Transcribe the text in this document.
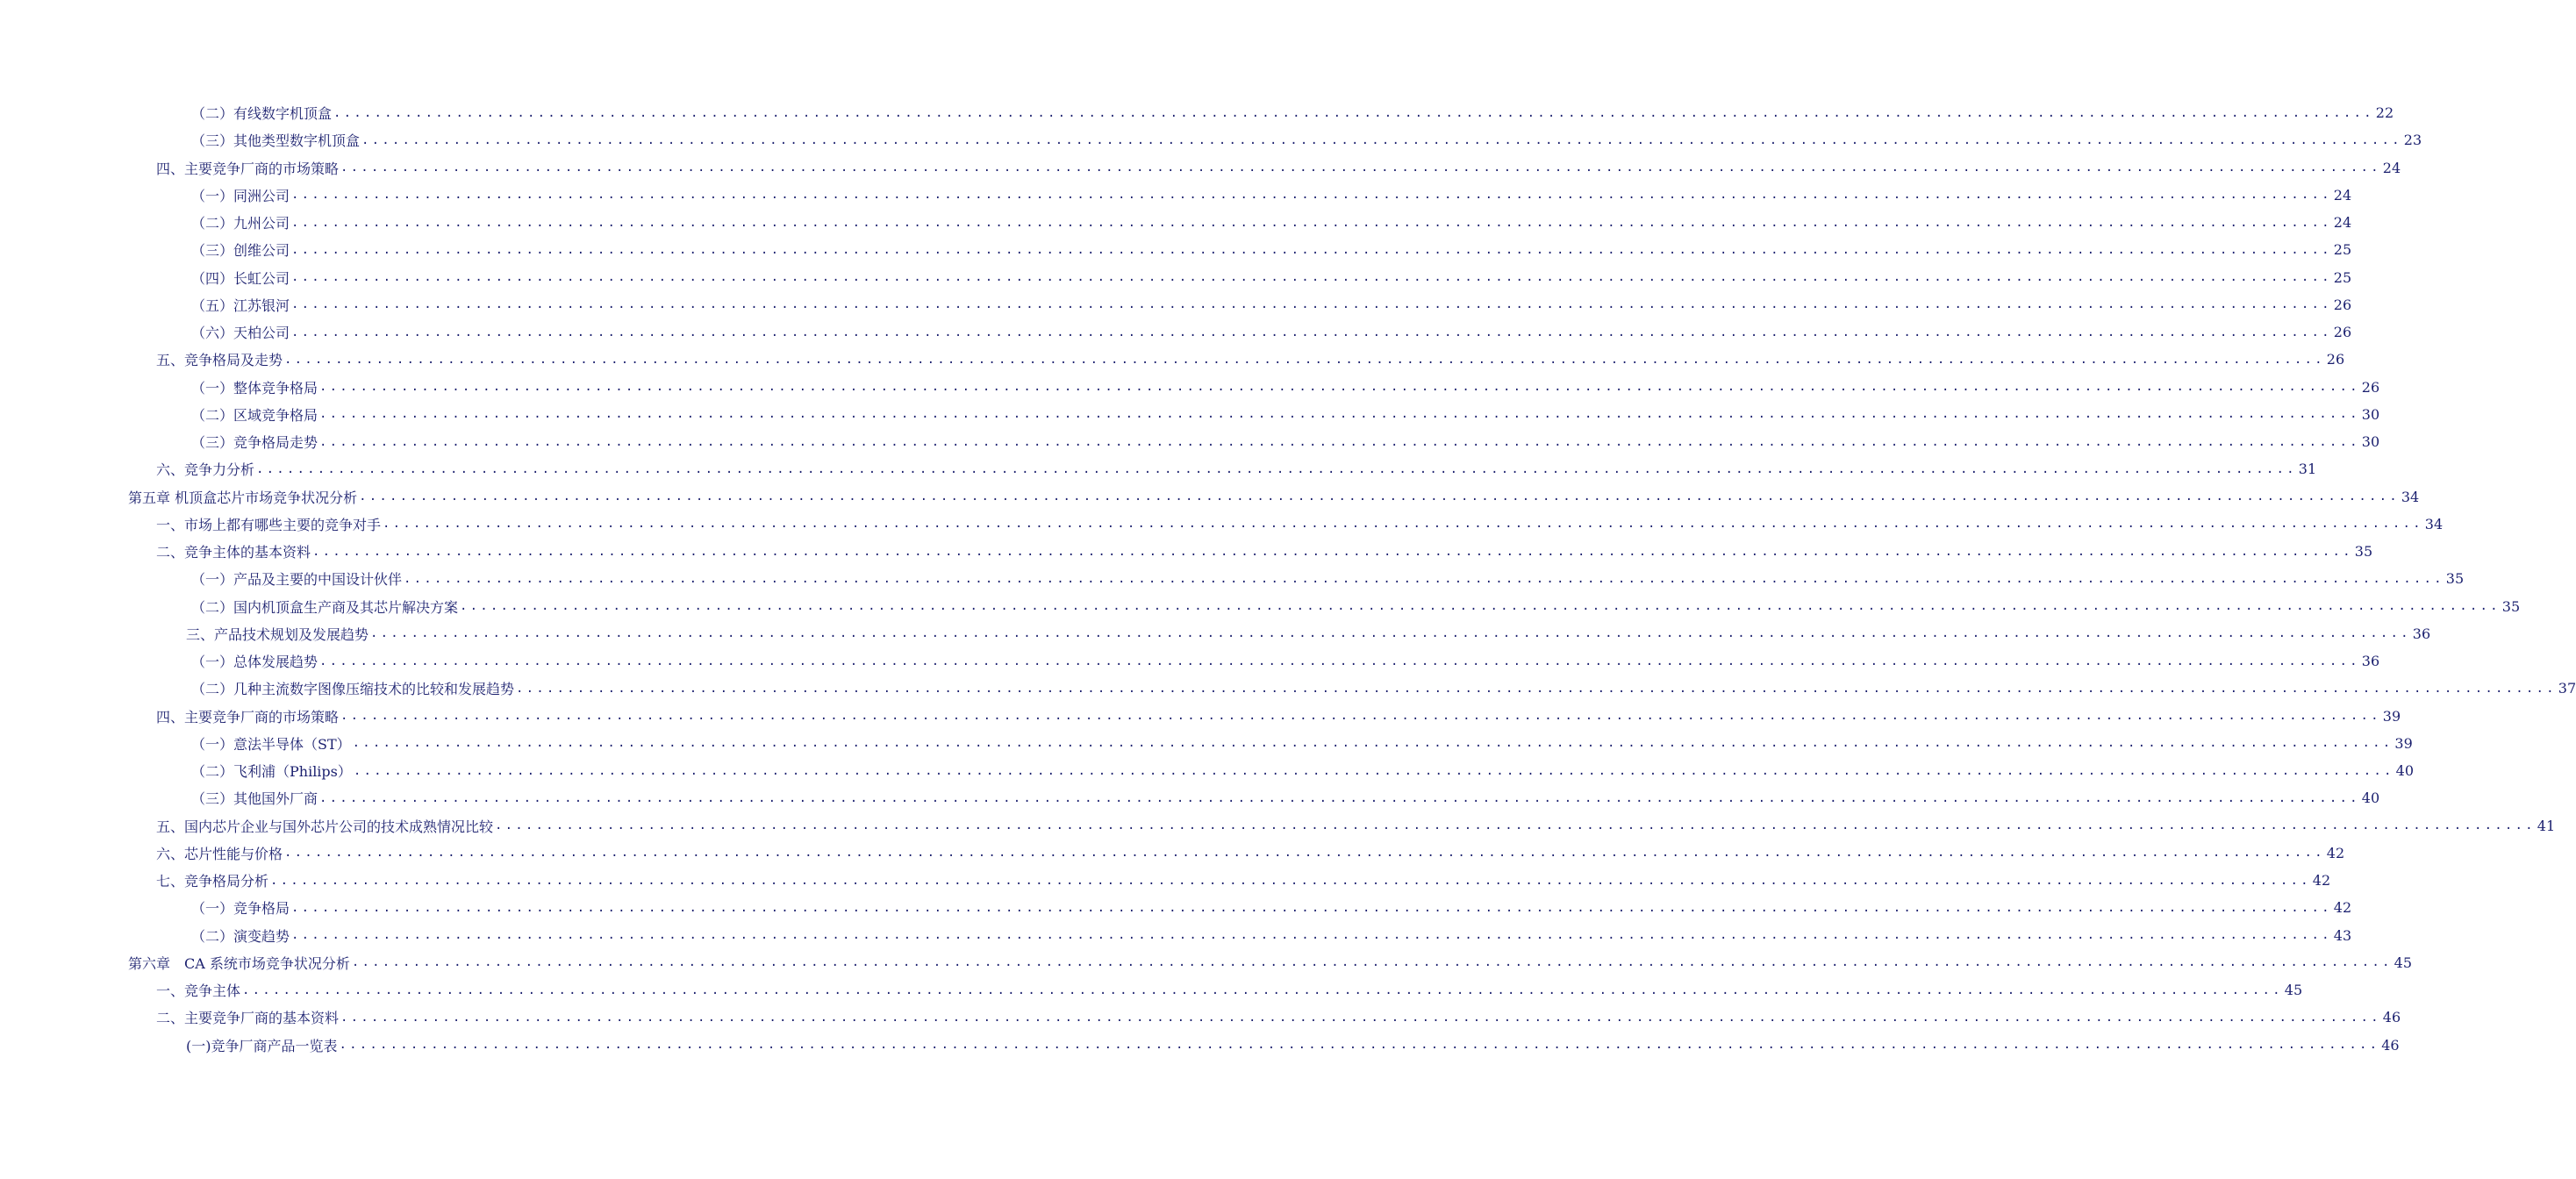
（二）有线数字机顶盒 ........................................................................................................................................................................................................ 22
（三）其他类型数字机顶盒 ........................................................................................................................................................................................................ 23
四、主要竞争厂商的市场策略 ........................................................................................................................................................................................................ 24
（一）同洲公司 ........................................................................................................................................................................................................ 24
（二）九州公司 ........................................................................................................................................................................................................ 24
（三）创维公司 ........................................................................................................................................................................................................ 25
（四）长虹公司 ........................................................................................................................................................................................................ 25
（五）江苏银河 ........................................................................................................................................................................................................ 26
（六）天柏公司 ........................................................................................................................................................................................................ 26
五、竞争格局及走势 ........................................................................................................................................................................................................ 26
（一）整体竞争格局 ........................................................................................................................................................................................................ 26
（二）区域竞争格局 ........................................................................................................................................................................................................ 30
（三）竞争格局走势 ........................................................................................................................................................................................................ 30
六、竞争力分析 ........................................................................................................................................................................................................ 31
第五章 机顶盒芯片市场竞争状况分析 ........................................................................................................................................................................................................ 34
一、市场上都有哪些主要的竞争对手 ........................................................................................................................................................................................................ 34
二、竞争主体的基本资料 ........................................................................................................................................................................................................ 35
（一）产品及主要的中国设计伙伴 ........................................................................................................................................................................................................ 35
（二）国内机顶盒生产商及其芯片解决方案 ........................................................................................................................................................................................................ 35
三、产品技术规划及发展趋势 ........................................................................................................................................................................................................ 36
（一）总体发展趋势 ........................................................................................................................................................................................................ 36
（二）几种主流数字图像压缩技术的比较和发展趋势 ........................................................................................................................................................................................................ 37
四、主要竞争厂商的市场策略 ........................................................................................................................................................................................................ 39
（一）意法半导体（ST） ........................................................................................................................................................................................................ 39
（二）飞利浦（Philips） ........................................................................................................................................................................................................ 40
（三）其他国外厂商 ........................................................................................................................................................................................................ 40
五、国内芯片企业与国外芯片公司的技术成熟情况比较 ........................................................................................................................................................................................................ 41
六、芯片性能与价格 ........................................................................................................................................................................................................ 42
七、竞争格局分析 ........................................................................................................................................................................................................ 42
（一）竞争格局 ........................................................................................................................................................................................................ 42
（二）演变趋势 ........................................................................................................................................................................................................ 43
第六章　CA 系统市场竞争状况分析 ........................................................................................................................................................................................................ 45
一、竞争主体 ........................................................................................................................................................................................................ 45
二、主要竞争厂商的基本资料 ........................................................................................................................................................................................................ 46
(一)竞争厂商产品一览表 ........................................................................................................................................................................................................ 46
